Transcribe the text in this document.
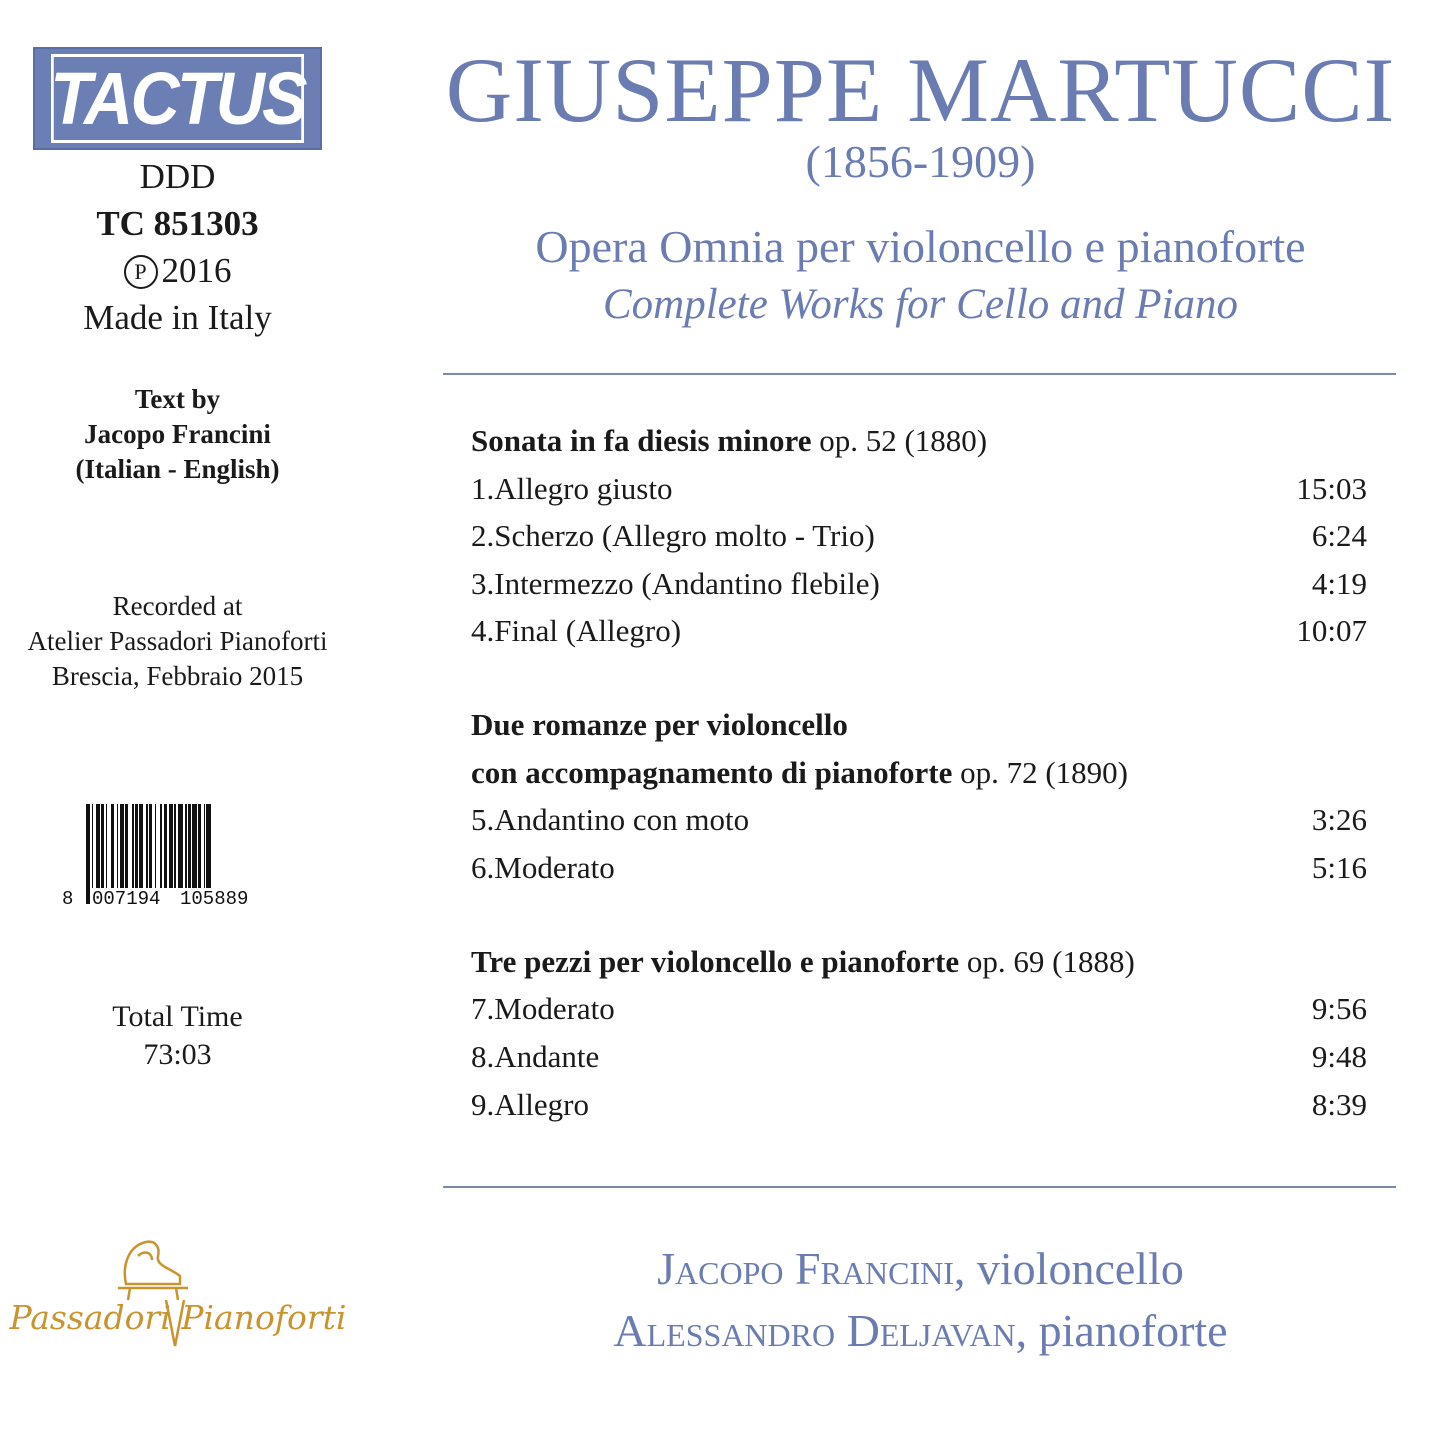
TACTUS
DDD
TC 851303
P 2016
Made in Italy
Text by
Jacopo Francini
(Italian - English)
Recorded at
Atelier Passadori Pianoforti
Brescia, Febbraio 2015
8 007194 105889
Total Time
73:03
Passadori Pianoforti
GIUSEPPE MARTUCCI
(1856-1909)
Opera Omnia per violoncello e pianoforte
Complete Works for Cello and Piano
Sonata in fa diesis minore op. 52 (1880)
1.Allegro giusto	15:03
2.Scherzo (Allegro molto - Trio)	6:24
3.Intermezzo (Andantino flebile)	4:19
4.Final (Allegro)	10:07
Due romanze per violoncello
con accompagnamento di pianoforte op. 72 (1890)
5.Andantino con moto	3:26
6.Moderato	5:16
Tre pezzi per violoncello e pianoforte op. 69 (1888)
7.Moderato	9:56
8.Andante	9:48
9.Allegro	8:39
Jacopo Francini, violoncello
Alessandro Deljavan, pianoforte
